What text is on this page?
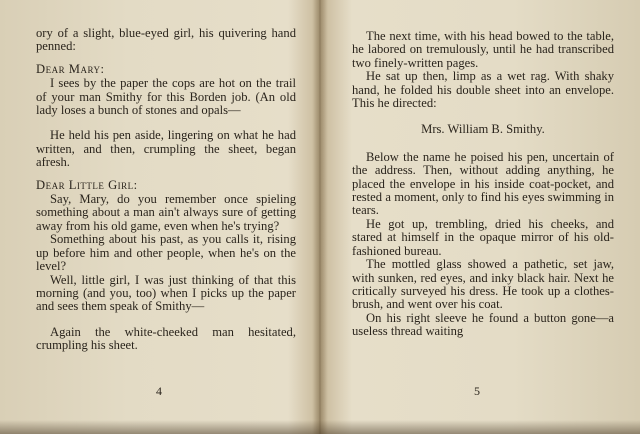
ory of a slight, blue-eyed girl, his quivering hand penned:

Dear Mary:

I sees by the paper the cops are hot on the trail of your man Smithy for this Borden job. (An old lady loses a bunch of stones and opals—

He held his pen aside, lingering on what he had written, and then, crumpling the sheet, began afresh.

Dear Little Girl:

Say, Mary, do you remember once spieling something about a man ain't always sure of getting away from his old game, even when he's trying?

Something about his past, as you calls it, rising up before him and other people, when he's on the level?

Well, little girl, I was just thinking of that this morning (and you, too) when I picks up the paper and sees them speak of Smithy—

Again the white-cheeked man hesitated, crumpling his sheet.

4

The next time, with his head bowed to the table, he labored on tremulously, until he had transcribed two finely-written pages.

He sat up then, limp as a wet rag. With shaky hand, he folded his double sheet into an envelope. This he directed:

Mrs. William B. Smithy.

Below the name he poised his pen, uncertain of the address. Then, without adding anything, he placed the envelope in his inside coat-pocket, and rested a moment, only to find his eyes swimming in tears.

He got up, trembling, dried his cheeks, and stared at himself in the opaque mirror of his old-fashioned bureau.

The mottled glass showed a pathetic, set jaw, with sunken, red eyes, and inky black hair. Next he critically surveyed his dress. He took up a clothes-brush, and went over his coat.

On his right sleeve he found a button gone—a useless thread waiting

5
